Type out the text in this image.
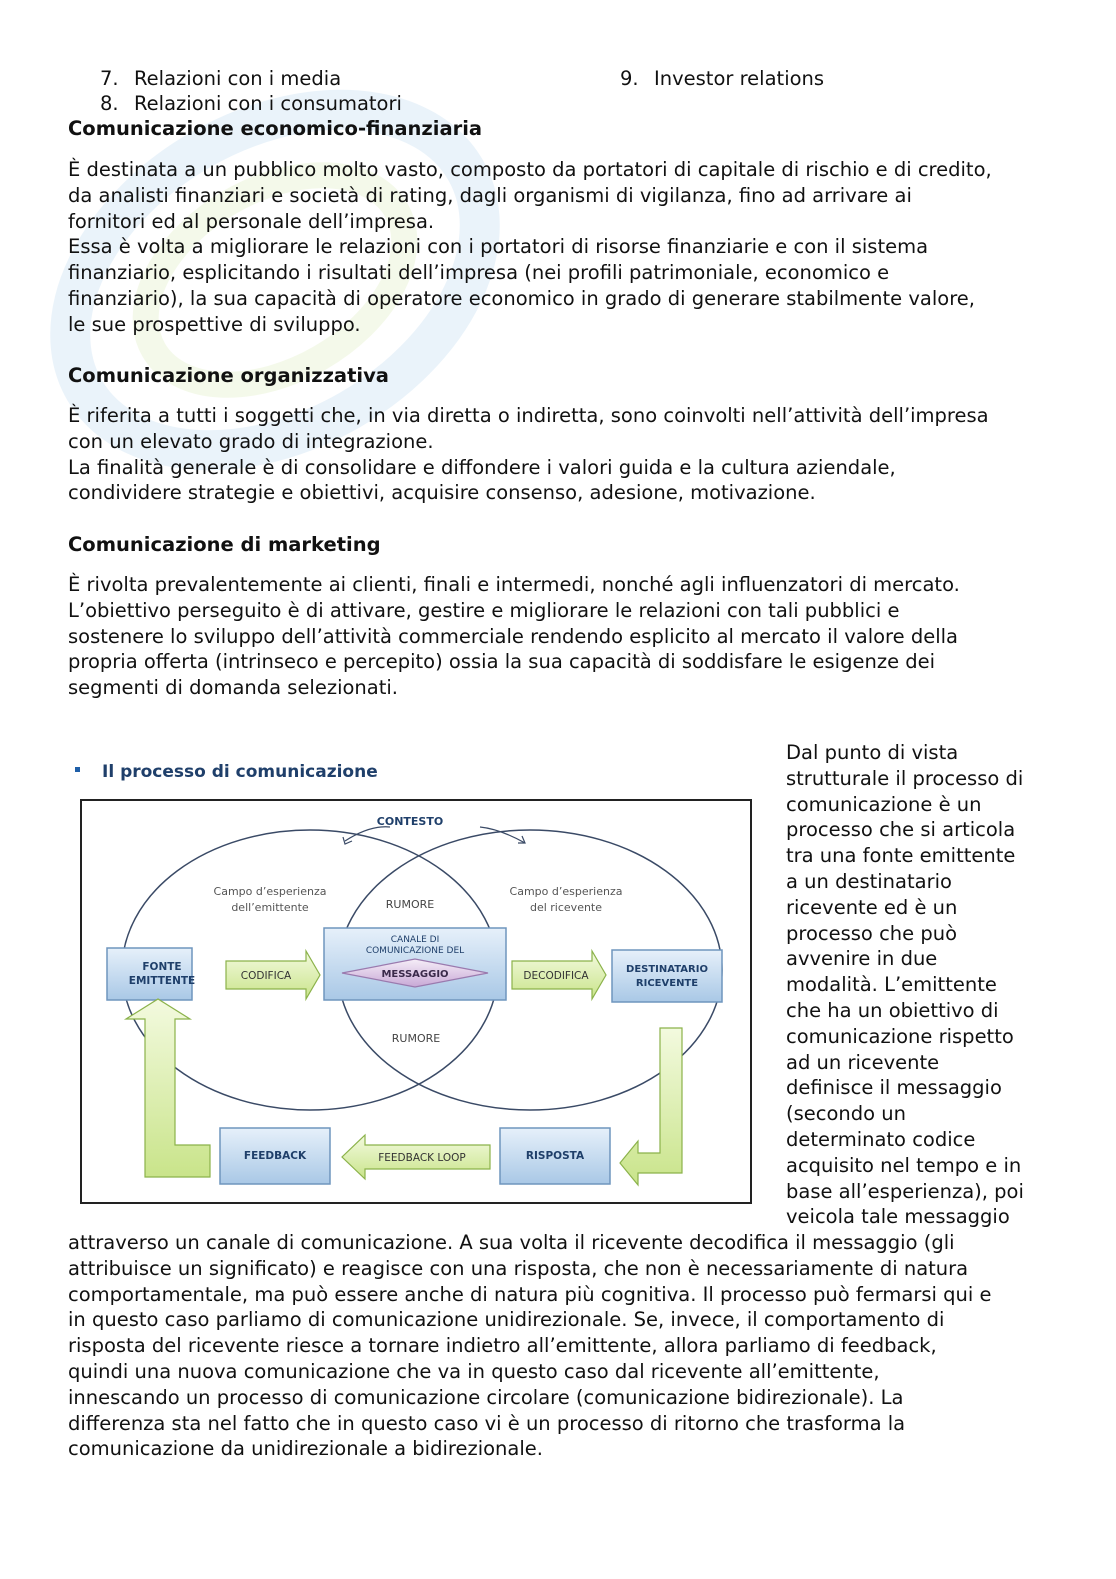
7. Relazioni con i media
8. Relazioni con i consumatori
9. Investor relations
Comunicazione economico-finanziaria
È destinata a un pubblico molto vasto, composto da portatori di capitale di rischio e di credito,
da analisti finanziari e società di rating, dagli organismi di vigilanza, fino ad arrivare ai
fornitori ed al personale dell’impresa.
Essa è volta a migliorare le relazioni con i portatori di risorse finanziarie e con il sistema
finanziario, esplicitando i risultati dell’impresa (nei profili patrimoniale, economico e
finanziario), la sua capacità di operatore economico in grado di generare stabilmente valore,
le sue prospettive di sviluppo.
Comunicazione organizzativa
È riferita a tutti i soggetti che, in via diretta o indiretta, sono coinvolti nell’attività dell’impresa
con un elevato grado di integrazione.
La finalità generale è di consolidare e diffondere i valori guida e la cultura aziendale,
condividere strategie e obiettivi, acquisire consenso, adesione, motivazione.
Comunicazione di marketing
È rivolta prevalentemente ai clienti, finali e intermedi, nonché agli influenzatori di mercato.
L’obiettivo perseguito è di attivare, gestire e migliorare le relazioni con tali pubblici e
sostenere lo sviluppo dell’attività commerciale rendendo esplicito al mercato il valore della
propria offerta (intrinseco e percepito) ossia la sua capacità di soddisfare le esigenze dei
segmenti di domanda selezionati.
Il processo di comunicazione
CONTESTO
Campo d’esperienza
dell’emittente
Campo d’esperienza
del ricevente
RUMORE
RUMORE
FONTE
EMITTENTE	CODIFICA
CANALE DI
COMUNICAZIONE DEL
MESSAGGIO	DECODIFICA
DESTINATARIO
RICEVENTE
RISPOSTA
FEEDBACK LOOP
FEEDBACK
Dal punto di vista
strutturale il processo di
comunicazione è un
processo che si articola
tra una fonte emittente
a un destinatario
ricevente ed è un
processo che può
avvenire in due
modalità. L’emittente
che ha un obiettivo di
comunicazione rispetto
ad un ricevente
definisce il messaggio
(secondo un
determinato codice
acquisito nel tempo e in
base all’esperienza), poi
veicola tale messaggio
attraverso un canale di comunicazione. A sua volta il ricevente decodifica il messaggio (gli
attribuisce un significato) e reagisce con una risposta, che non è necessariamente di natura
comportamentale, ma può essere anche di natura più cognitiva. Il processo può fermarsi qui e
in questo caso parliamo di comunicazione unidirezionale. Se, invece, il comportamento di
risposta del ricevente riesce a tornare indietro all’emittente, allora parliamo di feedback,
quindi una nuova comunicazione che va in questo caso dal ricevente all’emittente,
innescando un processo di comunicazione circolare (comunicazione bidirezionale). La
differenza sta nel fatto che in questo caso vi è un processo di ritorno che trasforma la
comunicazione da unidirezionale a bidirezionale.
